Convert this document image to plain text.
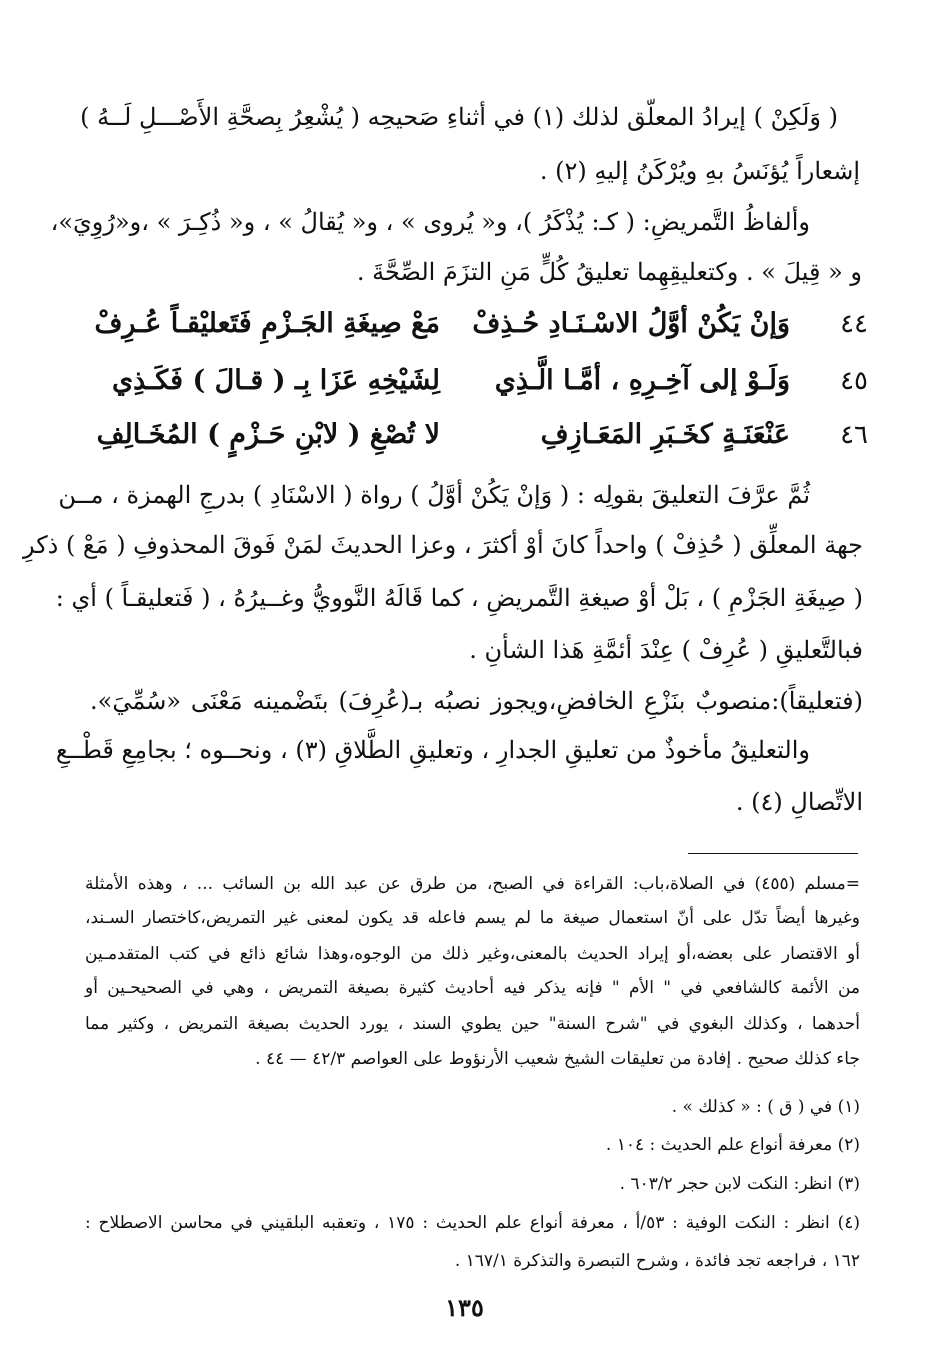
( وَلَكِنْ ) إيرادُ المعلّق لذلك (١) في أثناءِ صَحيحِه ( يُشْعِرُ بِصحَّةِ الأَصْـــلِ لَــهُ )
إشعاراً يُؤنَسُ بهِ ويُرْكَنُ إليهِ (٢) .
وألفاظُ التَّمريضِ: ( كـ: يُذْكَرُ )، و« يُروى » ، و« يُقالُ » ، و« ذُكِـرَ » ،و«رُوِيَ»،
و « قِيلَ » . وكتعليقِهِما تعليقُ كُلٍّ مَنِ التزَمَ الصِّحَّةَ .
٤٤
وَإنْ يَكُنْ أوَّلُ الاسْـنَـادِ حُـذِفْ
مَعْ صِيغَةِ الجَـزْمِ فَتَعليْقـاً عُـرِفْ
٤٥
وَلَـوْ إلى آخِـرِهِ ، أمَّـا الَّـذِي
لِشَيْخِهِ عَزَا بِـ ( قـالَ ) فَكَـذِي
٤٦
عَنْعَنَـةٍ كخَـبَرِ المَعَـازِفِ
لا تُصْغِ ( لابْنِ حَـزْمٍ ) المُخَـالِفِ
ثُمَّ عرَّفَ التعليقَ بقولِه : ( وَإنْ يَكُنْ أوَّلُ ) رواة ( الاسْنَادِ ) بدرجِ الهمزة ، مــن
جهة المعلِّق ( حُذِفْ ) واحداً كانَ أوْ أكثرَ ، وعزا الحديثَ لمَنْ فَوقَ المحذوفِ ( مَعْ ) ذكرِ
( صِيغَةِ الجَزْمِ ) ، بَلْ أوْ صيغةِ التَّمريضِ ، كما قَالَهُ النَّوويُّ وغــيرُهُ ، ( فَتعليقـاً ) أي :
فبالتَّعليقِ ( عُرِفْ ) عِنْدَ أئمَّةِ هَذا الشأنِ .
(فتعليقاً):منصوبٌ بنَزْعِ الخافضِ،ويجوز نصبُه بـ(عُرِفَ) بتَضْمينه مَعْنَى «سُمِّيَ».
والتعليقُ مأخوذٌ من تعليقِ الجدارِ ، وتعليقِ الطَّلاقِ (٣) ، ونحــوه ؛ بجامِعِ قَطْــعِ
الاتِّصالِ (٤) .
=مسلم (٤٥٥) في الصلاة،باب: القراءة في الصبح، من طرق عن عبد الله بن السائب ... ، وهذه الأمثلة
وغيرها أيضاً تدّل على أنّ استعمال صيغة ما لم يسم فاعله قد يكون لمعنى غير التمريض،كاختصار السـند،
أو الاقتصار على بعضه،أو إيراد الحديث بالمعنى،وغير ذلك من الوجوه،وهذا شائع ذائع في كتب المتقدمـين
من الأئمة كالشافعي في " الأم " فإنه يذكر فيه أحاديث كثيرة بصيغة التمريض ، وهي في الصحيحـين أو
أحدهما ، وكذلك البغوي في "شرح السنة" حين يطوي السند ، يورد الحديث بصيغة التمريض ، وكثير مما
جاء كذلك صحيح . إفادة من تعليقات الشيخ شعيب الأرنؤوط على العواصم ٤٢/٣ — ٤٤ .
(١) في ( ق ) : « كذلك » .
(٢) معرفة أنواع علم الحديث : ١٠٤ .
(٣) انظر: النكت لابن حجر ٦٠٣/٢ .
(٤) انظر : النكت الوفية : ٥٣/أ ، معرفة أنواع علم الحديث : ١٧٥ ، وتعقبه البلقيني في محاسن الاصطلاح :
١٦٢ ، فراجعه تجد فائدة ، وشرح التبصرة والتذكرة ١٦٧/١ .
١٣٥
